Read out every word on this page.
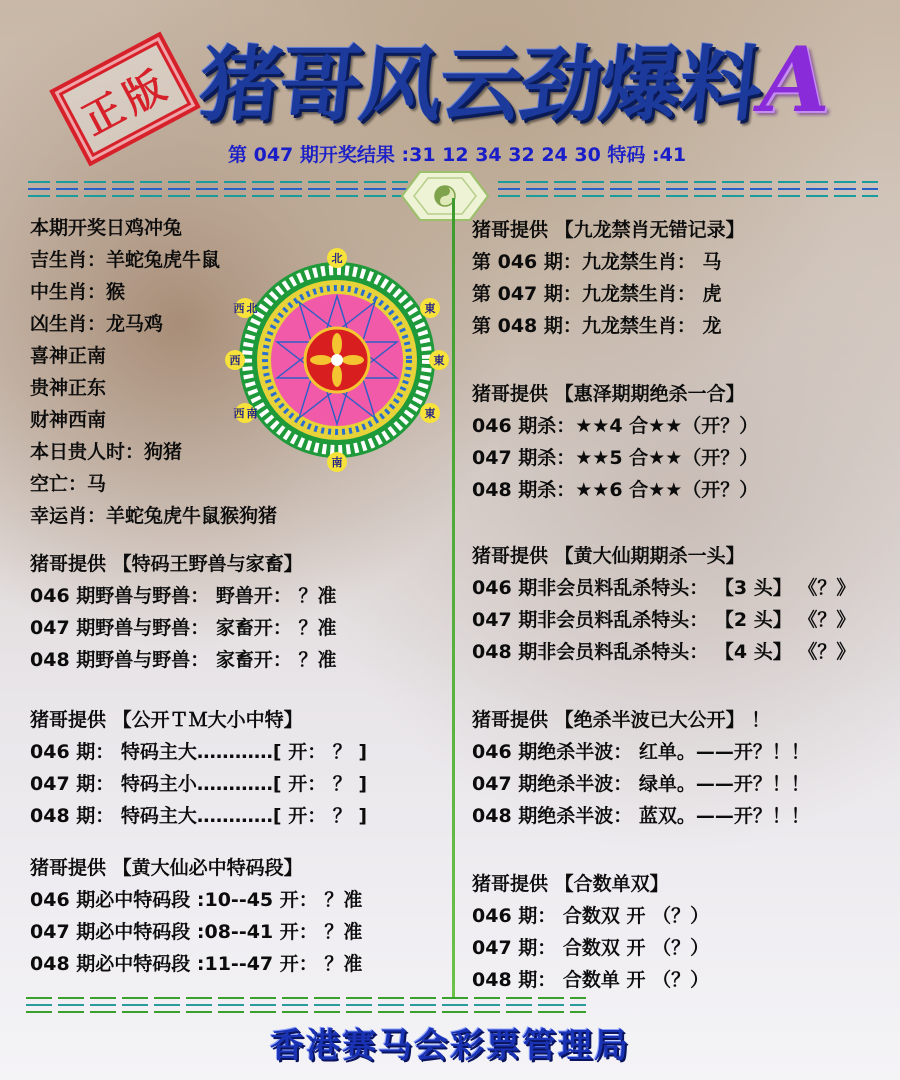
正版 猪哥风云劲爆料
A
第 047 期开奖结果 :31 12 34 32 24 30 特码 :41
本期开奖日鸡冲兔
吉生肖：羊蛇兔虎牛鼠
中生肖：猴
凶生肖：龙马鸡
喜神正南
贵神正东
财神西南
本日贵人时：狗猪
空亡：马
幸运肖：羊蛇兔虎牛鼠猴狗猪
北
東
南
西
西 北
東
東
西 南
猪哥提供 【特码王野兽与家畜】
046 期野兽与野兽： 野兽开： ？准
047 期野兽与野兽： 家畜开： ？准
048 期野兽与野兽： 家畜开： ？准
猪哥提供 【公开ＴＭ大小中特】
046 期： 特码主大…………[ 开： ？ ]
047 期： 特码主小…………[ 开： ？ ]
048 期： 特码主大…………[ 开： ？ ]
猪哥提供 【黄大仙必中特码段】
046 期必中特码段 :10--45 开： ？准
047 期必中特码段 :08--41 开： ？准
048 期必中特码段 :11--47 开： ？准
猪哥提供 【九龙禁肖无错记录】
第 046 期：九龙禁生肖： 马
第 047 期：九龙禁生肖： 虎
第 048 期：九龙禁生肖： 龙
猪哥提供 【惠泽期期绝杀一合】
046 期杀：★★4 合★★（开？）
047 期杀：★★5 合★★（开？）
048 期杀：★★6 合★★（开？）
猪哥提供 【黄大仙期期杀一头】
046 期非会员料乱杀特头： 【3 头】 《？》
047 期非会员料乱杀特头： 【2 头】 《？》
048 期非会员料乱杀特头： 【4 头】 《？》
猪哥提供 【绝杀半波已大公开】 ！
046 期绝杀半波： 红单。——开？！！
047 期绝杀半波： 绿单。——开？！！
048 期绝杀半波： 蓝双。——开？！！
猪哥提供 【合数单双】
046 期： 合数双 开 （？）
047 期： 合数双 开 （？）
048 期： 合数单 开 （？）
香港赛马会彩票管理局
